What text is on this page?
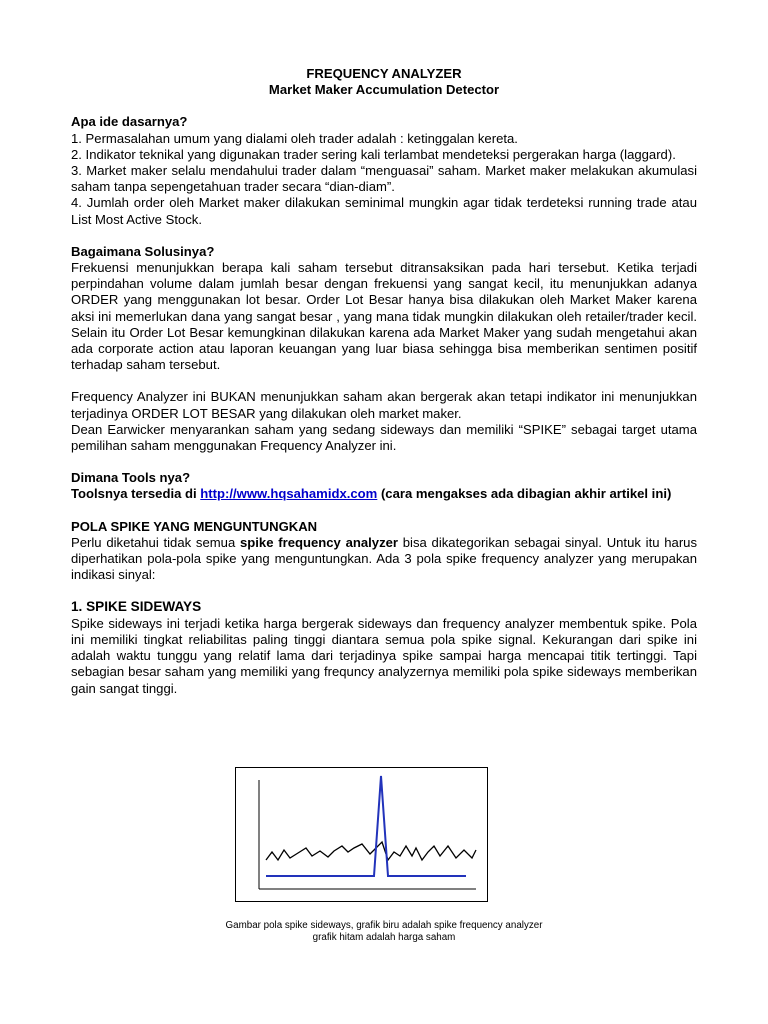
FREQUENCY ANALYZER
Market Maker Accumulation Detector
Apa ide dasarnya?

1. Permasalahan umum yang dialami oleh trader adalah : ketinggalan kereta.

2. Indikator teknikal yang digunakan trader sering kali terlambat mendeteksi pergerakan harga (laggard).

3. Market maker selalu mendahului trader dalam “menguasai” saham. Market maker melakukan akumulasi saham tanpa sepengetahuan trader secara “dian-diam”.

4. Jumlah order oleh Market maker dilakukan seminimal mungkin agar tidak terdeteksi running trade atau List Most Active Stock.

Bagaimana Solusinya?

Frekuensi menunjukkan berapa kali saham tersebut ditransaksikan pada hari tersebut. Ketika terjadi perpindahan volume dalam jumlah besar dengan frekuensi yang sangat kecil, itu menunjukkan adanya ORDER yang menggunakan lot besar. Order Lot Besar hanya bisa dilakukan oleh Market Maker karena aksi ini memerlukan dana yang sangat besar , yang mana tidak mungkin dilakukan oleh retailer/trader kecil. Selain itu Order Lot Besar kemungkinan dilakukan karena ada Market Maker yang sudah mengetahui akan ada corporate action atau laporan keuangan yang luar biasa sehingga bisa memberikan sentimen positif terhadap saham tersebut.

Frequency Analyzer ini BUKAN menunjukkan saham akan bergerak akan tetapi indikator ini menunjukkan terjadinya ORDER LOT BESAR yang dilakukan oleh market maker.

Dean Earwicker menyarankan saham yang sedang sideways dan memiliki “SPIKE” sebagai target utama pemilihan saham menggunakan Frequency Analyzer ini.

Dimana Tools nya?

Toolsnya tersedia di http://www.hqsahamidx.com (cara mengakses ada dibagian akhir artikel ini)

POLA SPIKE YANG MENGUNTUNGKAN

Perlu diketahui tidak semua spike frequency analyzer bisa dikategorikan sebagai sinyal. Untuk itu harus diperhatikan pola-pola spike yang menguntungkan. Ada 3 pola spike frequency analyzer yang merupakan indikasi sinyal:

1. SPIKE SIDEWAYS

Spike sideways ini terjadi ketika harga bergerak sideways dan frequency analyzer membentuk spike. Pola ini memiliki tingkat reliabilitas paling tinggi diantara semua pola spike signal. Kekurangan dari spike ini adalah waktu tunggu yang relatif lama dari terjadinya spike sampai harga mencapai titik tertinggi. Tapi sebagian besar saham yang memiliki yang frequncy analyzernya memiliki pola spike sideways memberikan gain sangat tinggi.

Gambar pola spike sideways, grafik biru adalah spike frequency analyzer
grafik hitam adalah harga saham
